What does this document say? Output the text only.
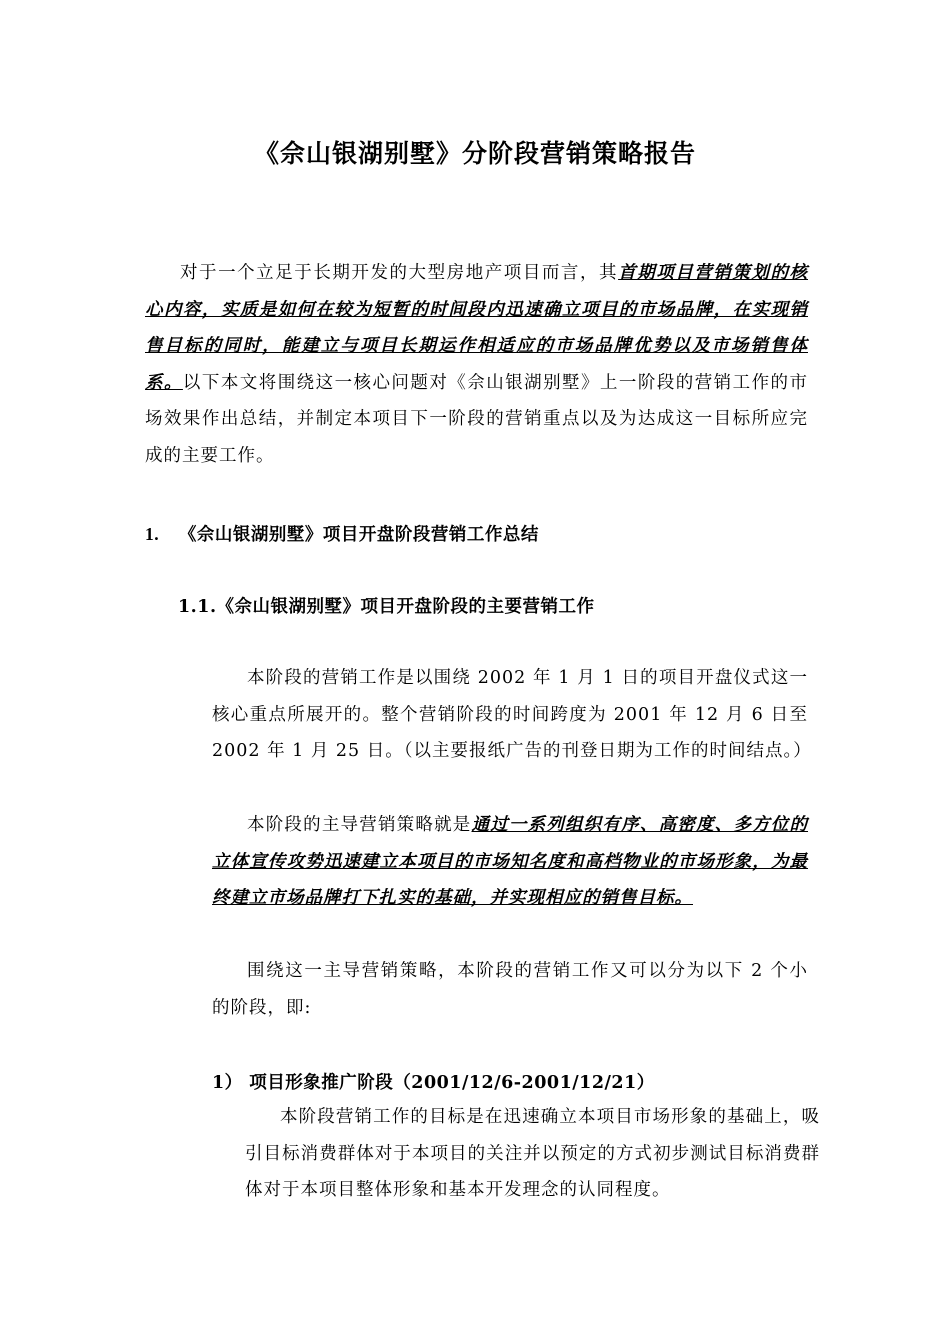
《佘山银湖别墅》分阶段营销策略报告

对于一个立足于长期开发的大型房地产项目而言，其首期项目营销策划的核心内容，实质是如何在较为短暂的时间段内迅速确立项目的市场品牌，在实现销售目标的同时，能建立与项目长期运作相适应的市场品牌优势以及市场销售体系。以下本文将围绕这一核心问题对《佘山银湖别墅》上一阶段的营销工作的市场效果作出总结，并制定本项目下一阶段的营销重点以及为达成这一目标所应完成的主要工作。

1. 《佘山银湖别墅》项目开盘阶段营销工作总结
1.1.《佘山银湖别墅》项目开盘阶段的主要营销工作

本阶段的营销工作是以围绕 2002 年 1 月 1 日的项目开盘仪式这一核心重点所展开的。整个营销阶段的时间跨度为 2001 年 12 月 6 日至 2002 年 1 月 25 日。（以主要报纸广告的刊登日期为工作的时间结点。）

本阶段的主导营销策略就是通过一系列组织有序、高密度、多方位的立体宣传攻势迅速建立本项目的市场知名度和高档物业的市场形象，为最终建立市场品牌打下扎实的基础，并实现相应的销售目标。

围绕这一主导营销策略，本阶段的营销工作又可以分为以下 2 个小的阶段，即:

1） 项目形象推广阶段（2001/12/6-2001/12/21）

本阶段营销工作的目标是在迅速确立本项目市场形象的基础上，吸引目标消费群体对于本项目的关注并以预定的方式初步测试目标消费群体对于本项目整体形象和基本开发理念的认同程度。
